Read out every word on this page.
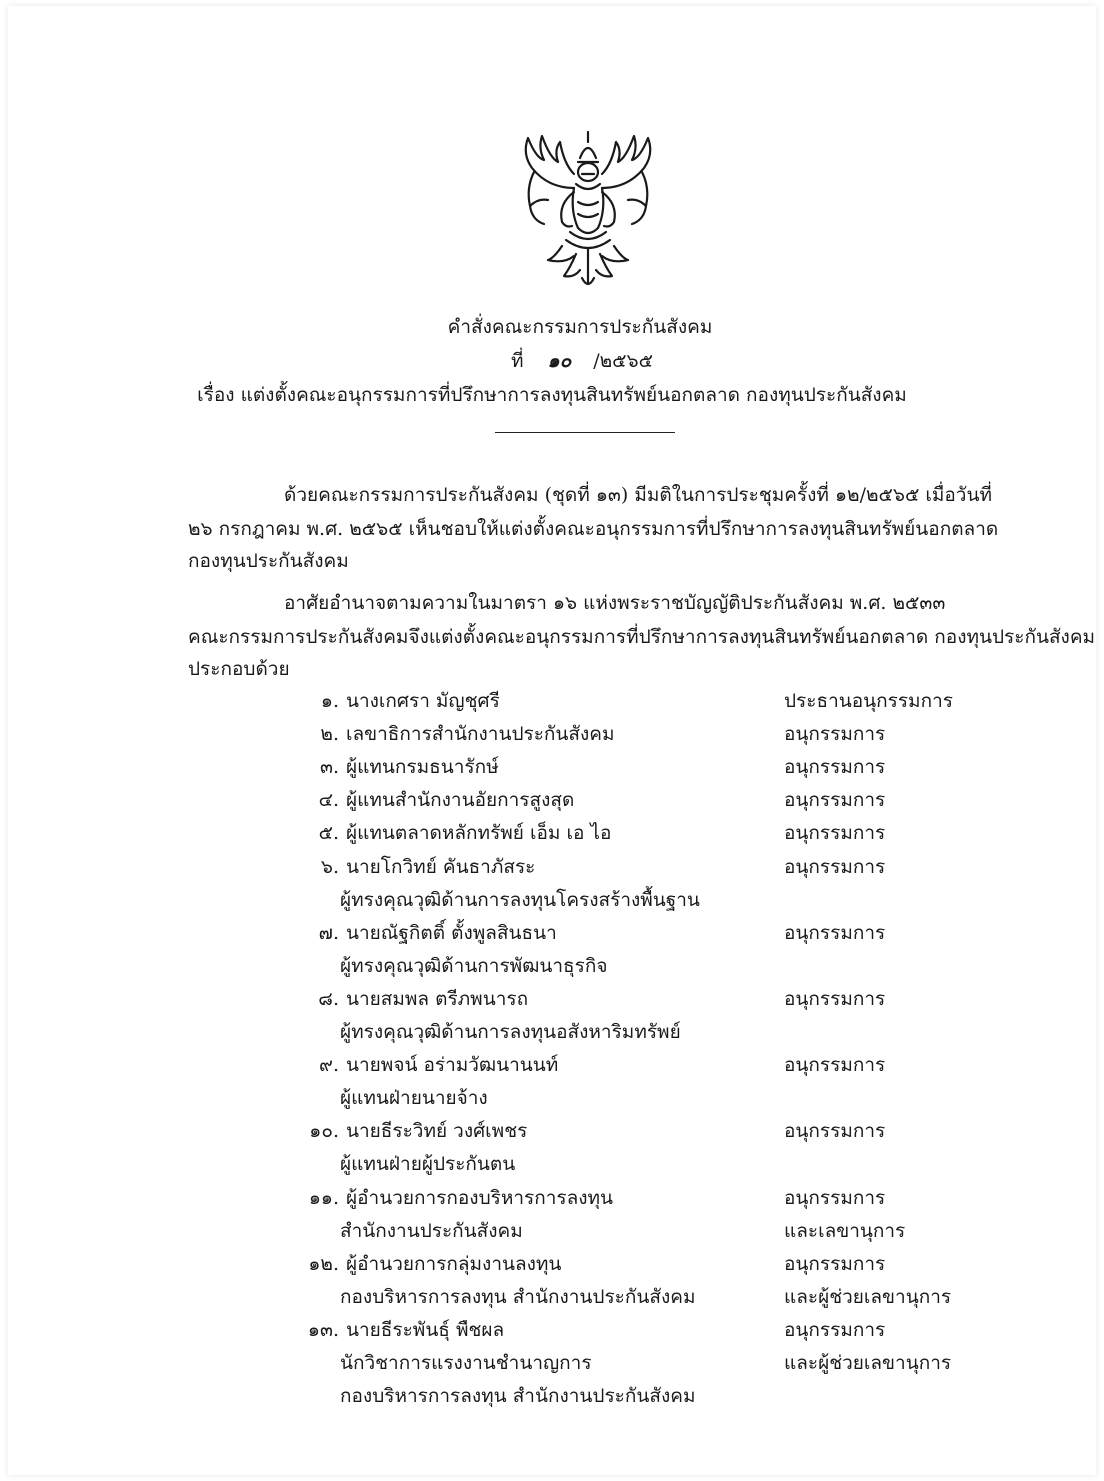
คำสั่งคณะกรรมการประกันสังคม
ที่ ๑๐ /๒๕๖๕
เรื่อง แต่งตั้งคณะอนุกรรมการที่ปรึกษาการลงทุนสินทรัพย์นอกตลาด กองทุนประกันสังคม
ด้วยคณะกรรมการประกันสังคม (ชุดที่ ๑๓) มีมติในการประชุมครั้งที่ ๑๒/๒๕๖๕ เมื่อวันที่
๒๖ กรกฎาคม พ.ศ. ๒๕๖๕ เห็นชอบให้แต่งตั้งคณะอนุกรรมการที่ปรึกษาการลงทุนสินทรัพย์นอกตลาด
กองทุนประกันสังคม
อาศัยอำนาจตามความในมาตรา ๑๖ แห่งพระราชบัญญัติประกันสังคม พ.ศ. ๒๕๓๓
คณะกรรมการประกันสังคมจึงแต่งตั้งคณะอนุกรรมการที่ปรึกษาการลงทุนสินทรัพย์นอกตลาด กองทุนประกันสังคม
ประกอบด้วย
๑. นางเกศรา มัญชุศรี	ประธานอนุกรรมการ
๒. เลขาธิการสำนักงานประกันสังคม	อนุกรรมการ
๓. ผู้แทนกรมธนารักษ์	อนุกรรมการ
๔. ผู้แทนสำนักงานอัยการสูงสุด	อนุกรรมการ
๕. ผู้แทนตลาดหลักทรัพย์ เอ็ม เอ ไอ	อนุกรรมการ
๖. นายโกวิทย์ คันธาภัสระ	อนุกรรมการ
ผู้ทรงคุณวุฒิด้านการลงทุนโครงสร้างพื้นฐาน
๗. นายณัฐกิตติ์ ตั้งพูลสินธนา	อนุกรรมการ
ผู้ทรงคุณวุฒิด้านการพัฒนาธุรกิจ
๘. นายสมพล ตรีภพนารถ	อนุกรรมการ
ผู้ทรงคุณวุฒิด้านการลงทุนอสังหาริมทรัพย์
๙. นายพจน์ อร่ามวัฒนานนท์	อนุกรรมการ
ผู้แทนฝ่ายนายจ้าง
๑๐. นายธีระวิทย์ วงศ์เพชร	อนุกรรมการ
ผู้แทนฝ่ายผู้ประกันตน
๑๑. ผู้อำนวยการกองบริหารการลงทุน	อนุกรรมการ
สำนักงานประกันสังคม	และเลขานุการ
๑๒. ผู้อำนวยการกลุ่มงานลงทุน	อนุกรรมการ
กองบริหารการลงทุน สำนักงานประกันสังคม	และผู้ช่วยเลขานุการ
๑๓. นายธีระพันธุ์ พืชผล	อนุกรรมการ
นักวิชาการแรงงานชำนาญการ	และผู้ช่วยเลขานุการ
กองบริหารการลงทุน สำนักงานประกันสังคม
